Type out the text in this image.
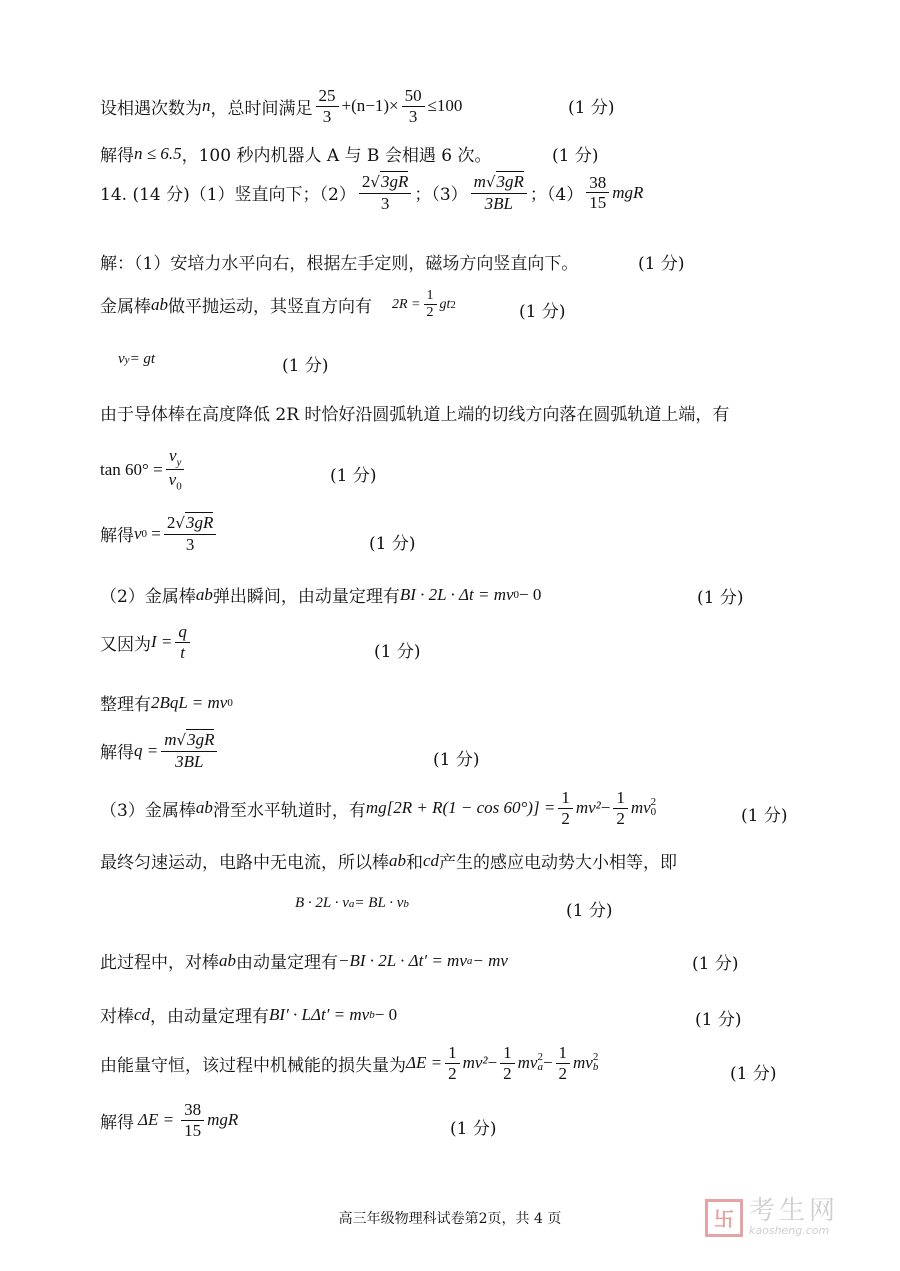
设相遇次数为 n ，总时间满足 $\frac{25}{3} +(n-1)\times \frac{50}{3} \le 100$	(1 分)
解得 n ≤ 6.5 ，100 秒内机器人 A 与 B 会相遇 6 次。	(1 分)
14. (14 分)（1）竖直向下；$(2) \frac{2√3gR}{3}$ ；$(3) \frac{m√3gR}{3BL}$ ；$(4) \frac{38}{15}$ mgR
解：（1）安培力水平向右，根据左手定则，磁场方向竖直向下。	(1 分)
金属棒 ab 做平抛运动，其竖直方向有 $2R = \frac{1}{2}$ gt 2	(1 分)
v y = gt	(1 分)
由于导体棒在高度降低 2R 时恰好沿圆弧轨道上端的切线方向落在圆弧轨道上端，有
$\tan 60^\circ = \frac{v_y}{v_0}$	(1 分)
解得 v $0 = \frac{2√3gR}{3}$	(1 分)
（2）金属棒 ab 弹出瞬间，由动量定理有 BI · 2L · Δt = mv 0 − 0	(1 分)
又因为 $I = \frac{q}{t}$	(1 分)
整理有 2BqL = mv 0
解得 $q = \frac{m√3gR}{3BL}$	(1 分)
（3）金属棒 ab 滑至水平轨道时，有 $mg[2R + R(1 - \cos 60^\circ)] = \frac{1}{2} mv^2 - \frac{1}{2}$ mv 2
0	(1 分)
最终匀速运动，电路中无电流，所以棒 ab 和 cd 产生的感应电动势大小相等，即
B · 2L · v a = BL · v b	(1 分)
此过程中，对棒 ab 由动量定理有 −BI · 2L · Δt′ = mv a − mv	(1 分)
对棒 cd ，由动量定理有 BI′ · LΔt′ = mv b − 0	(1 分)
由能量守恒，该过程中机械能的损失量为 $\Delta E = \frac{1}{2} mv^2 - \frac{1}{2}$ mv 2
$a - \frac{1}{2}$ mv 2
b	(1 分)
解得 $\Delta E = \frac{38}{15}$ mgR	(1 分)
高三年级物理科试卷第2页，共 4 页	卐 考生网
kaosheng.com
